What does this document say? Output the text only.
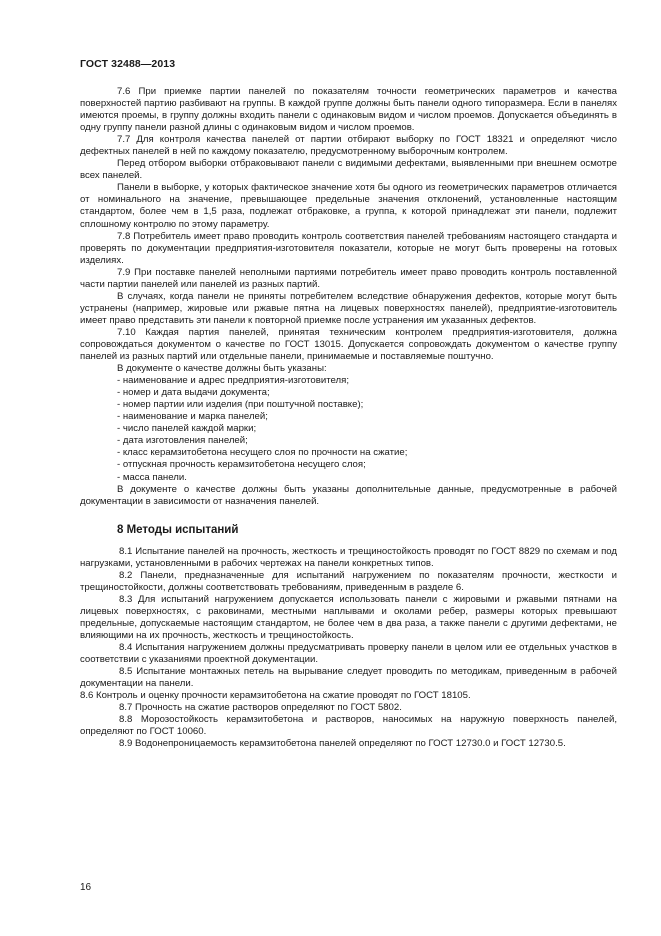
ГОСТ 32488—2013

7.6 При приемке партии панелей по показателям точности геометрических параметров и качества поверхностей партию разбивают на группы. В каждой группе должны быть панели одного типоразмера. Если в панелях имеются проемы, в группу должны входить панели с одинаковым видом и числом проемов. Допускается объединять в одну группу панели разной длины с одинаковым видом и числом проемов.

7.7 Для контроля качества панелей от партии отбирают выборку по ГОСТ 18321 и определяют число дефектных панелей в ней по каждому показателю, предусмотренному выборочным контролем.

Перед отбором выборки отбраковывают панели с видимыми дефектами, выявленными при внешнем осмотре всех панелей.

Панели в выборке, у которых фактическое значение хотя бы одного из геометрических параметров отличается от номинального на значение, превышающее предельные значения отклонений, установленные настоящим стандартом, более чем в 1,5 раза, подлежат отбраковке, а группа, к которой принадлежат эти панели, подлежит сплошному контролю по этому параметру.

7.8 Потребитель имеет право проводить контроль соответствия панелей требованиям настоящего стандарта и проверять по документации предприятия-изготовителя показатели, которые не могут быть проверены на готовых изделиях.

7.9 При поставке панелей неполными партиями потребитель имеет право проводить контроль поставленной части партии панелей или панелей из разных партий.

В случаях, когда панели не приняты потребителем вследствие обнаружения дефектов, которые могут быть устранены (например, жировые или ржавые пятна на лицевых поверхностях панелей), предприятие-изготовитель имеет право представить эти панели к повторной приемке после устранения им указанных дефектов.

7.10 Каждая партия панелей, принятая техническим контролем предприятия-изготовителя, должна сопровождаться документом о качестве по ГОСТ 13015. Допускается сопровождать документом о качестве группу панелей из разных партий или отдельные панели, принимаемые и поставляемые поштучно.

В документе о качестве должны быть указаны:

- наименование и адрес предприятия-изготовителя;

- номер и дата выдачи документа;

- номер партии или изделия (при поштучной поставке);

- наименование и марка панелей;

- число панелей каждой марки;

- дата изготовления панелей;

- класс керамзитобетона несущего слоя по прочности на сжатие;

- отпускная прочность керамзитобетона несущего слоя;

- масса панели.

В документе о качестве должны быть указаны дополнительные данные, предусмотренные в рабочей документации в зависимости от назначения панелей.

8 Методы испытаний

8.1 Испытание панелей на прочность, жесткость и трещиностойкость проводят по ГОСТ 8829 по схемам и под нагрузками, установленными в рабочих чертежах на панели конкретных типов.

8.2 Панели, предназначенные для испытаний нагружением по показателям прочности, жесткости и трещиностойкости, должны соответствовать требованиям, приведенным в разделе 6.

8.3 Для испытаний нагружением допускается использовать панели с жировыми и ржавыми пятнами на лицевых поверхностях, с раковинами, местными наплывами и околами ребер, размеры которых превышают предельные, допускаемые настоящим стандартом, не более чем в два раза, а также панели с другими дефектами, не влияющими на их прочность, жесткость и трещиностойкость.

8.4 Испытания нагружением должны предусматривать проверку панели в целом или ее отдельных участков в соответствии с указаниями проектной документации.

8.5 Испытание монтажных петель на вырывание следует проводить по методикам, приведенным в рабочей документации на панели.

8.6 Контроль и оценку прочности керамзитобетона на сжатие проводят по ГОСТ 18105.

8.7 Прочность на сжатие растворов определяют по ГОСТ 5802.

8.8 Морозостойкость керамзитобетона и растворов, наносимых на наружную поверхность панелей, определяют по ГОСТ 10060.

8.9 Водонепроницаемость керамзитобетона панелей определяют по ГОСТ 12730.0 и ГОСТ 12730.5.

16
